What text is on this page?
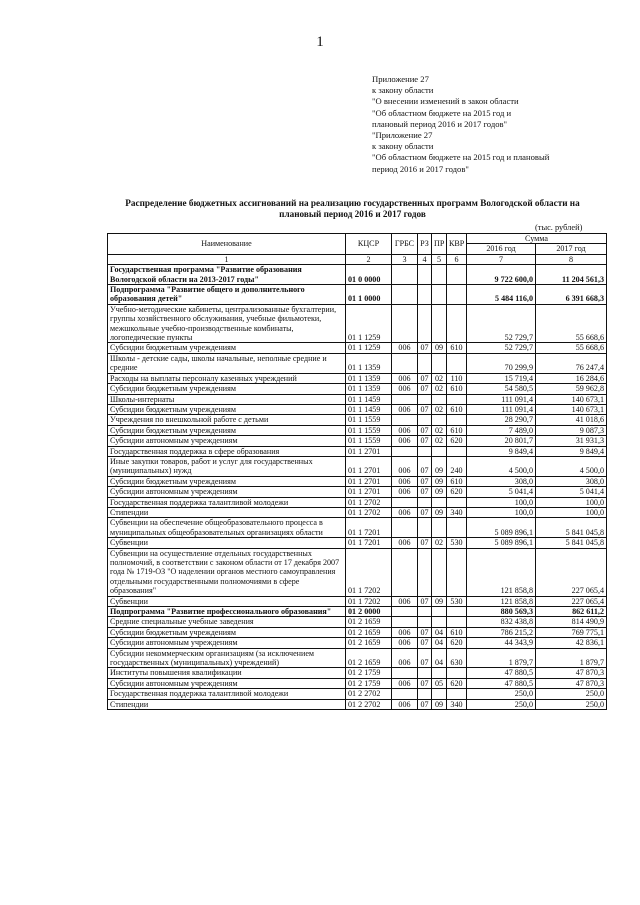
1
Приложение 27
к закону области
"О внесении изменений в закон области
"Об областном бюджете на 2015 год и
плановый период 2016 и 2017 годов"
"Приложение 27
к закону области
"Об областном бюджете на 2015 год и плановый
период 2016 и 2017 годов"
Распределение бюджетных ассигнований на реализацию государственных программ Вологодской области на
плановый период 2016 и 2017 годов
(тыс. рублей)
Наименование	КЦСР	ГРБС	РЗ	ПР	КВР	Сумма	
						2016 год	2017 год
1	2	3	4	5	6	7	8
Государственная программа "Развитие образования Вологодской области на 2013-2017 годы"	01 0 0000					9 722 600,0	11 204 561,3
Подпрограмма "Развитие общего и дополнительного образования детей"	01 1 0000					5 484 116,0	6 391 668,3
Учебно-методические кабинеты, централизованные бухгалтерии, группы хозяйственного обслуживания, учебные фильмотеки, межшкольные учебно-производственные комбинаты, логопедические пункты	01 1 1259					52 729,7	55 668,6
Субсидии бюджетным учреждениям	01 1 1259	006	07	09	610	52 729,7	55 668,6
Школы - детские сады, школы начальные, неполные средние и средние	01 1 1359					70 299,9	76 247,4
Расходы на выплаты персоналу казенных учреждений	01 1 1359	006	07	02	110	15 719,4	16 284,6
Субсидии бюджетным учреждениям	01 1 1359	006	07	02	610	54 580,5	59 962,8
Школы-интернаты	01 1 1459					111 091,4	140 673,1
Субсидии бюджетным учреждениям	01 1 1459	006	07	02	610	111 091,4	140 673,1
Учреждения по внешкольной работе с детьми	01 1 1559					28 290,7	41 018,6
Субсидии бюджетным учреждениям	01 1 1559	006	07	02	610	7 489,0	9 087,3
Субсидии автономным учреждениям	01 1 1559	006	07	02	620	20 801,7	31 931,3
Государственная поддержка в сфере образования	01 1 2701					9 849,4	9 849,4
Иные закупки товаров, работ и услуг для государственных (муниципальных) нужд	01 1 2701	006	07	09	240	4 500,0	4 500,0
Субсидии бюджетным учреждениям	01 1 2701	006	07	09	610	308,0	308,0
Субсидии автономным учреждениям	01 1 2701	006	07	09	620	5 041,4	5 041,4
Государственная поддержка талантливой молодежи	01 1 2702					100,0	100,0
Стипендии	01 1 2702	006	07	09	340	100,0	100,0
Субвенции на обеспечение общеобразовательного процесса в муниципальных общеобразовательных организациях области	01 1 7201					5 089 896,1	5 841 045,8
Субвенции	01 1 7201	006	07	02	530	5 089 896,1	5 841 045,8
Субвенции на осуществление отдельных государственных полномочий, в соответствии с законом области от 17 декабря 2007 года № 1719-ОЗ "О наделении органов местного самоуправления отдельными государственными полномочиями в сфере образования"	01 1 7202					121 858,8	227 065,4
Субвенции	01 1 7202	006	07	09	530	121 858,8	227 065,4
Подпрограмма "Развитие профессионального образования"	01 2 0000					880 569,3	862 611,2
Средние специальные учебные заведения	01 2 1659					832 438,8	814 490,9
Субсидии бюджетным учреждениям	01 2 1659	006	07	04	610	786 215,2	769 775,1
Субсидии автономным учреждениям	01 2 1659	006	07	04	620	44 343,9	42 836,1
Субсидии некоммерческим организациям (за исключением государственных (муниципальных) учреждений)	01 2 1659	006	07	04	630	1 879,7	1 879,7
Институты повышения квалификации	01 2 1759					47 880,5	47 870,3
Субсидии автономным учреждениям	01 2 1759	006	07	05	620	47 880,5	47 870,3
Государственная поддержка талантливой молодежи	01 2 2702					250,0	250,0
Стипендии	01 2 2702	006	07	09	340	250,0	250,0
